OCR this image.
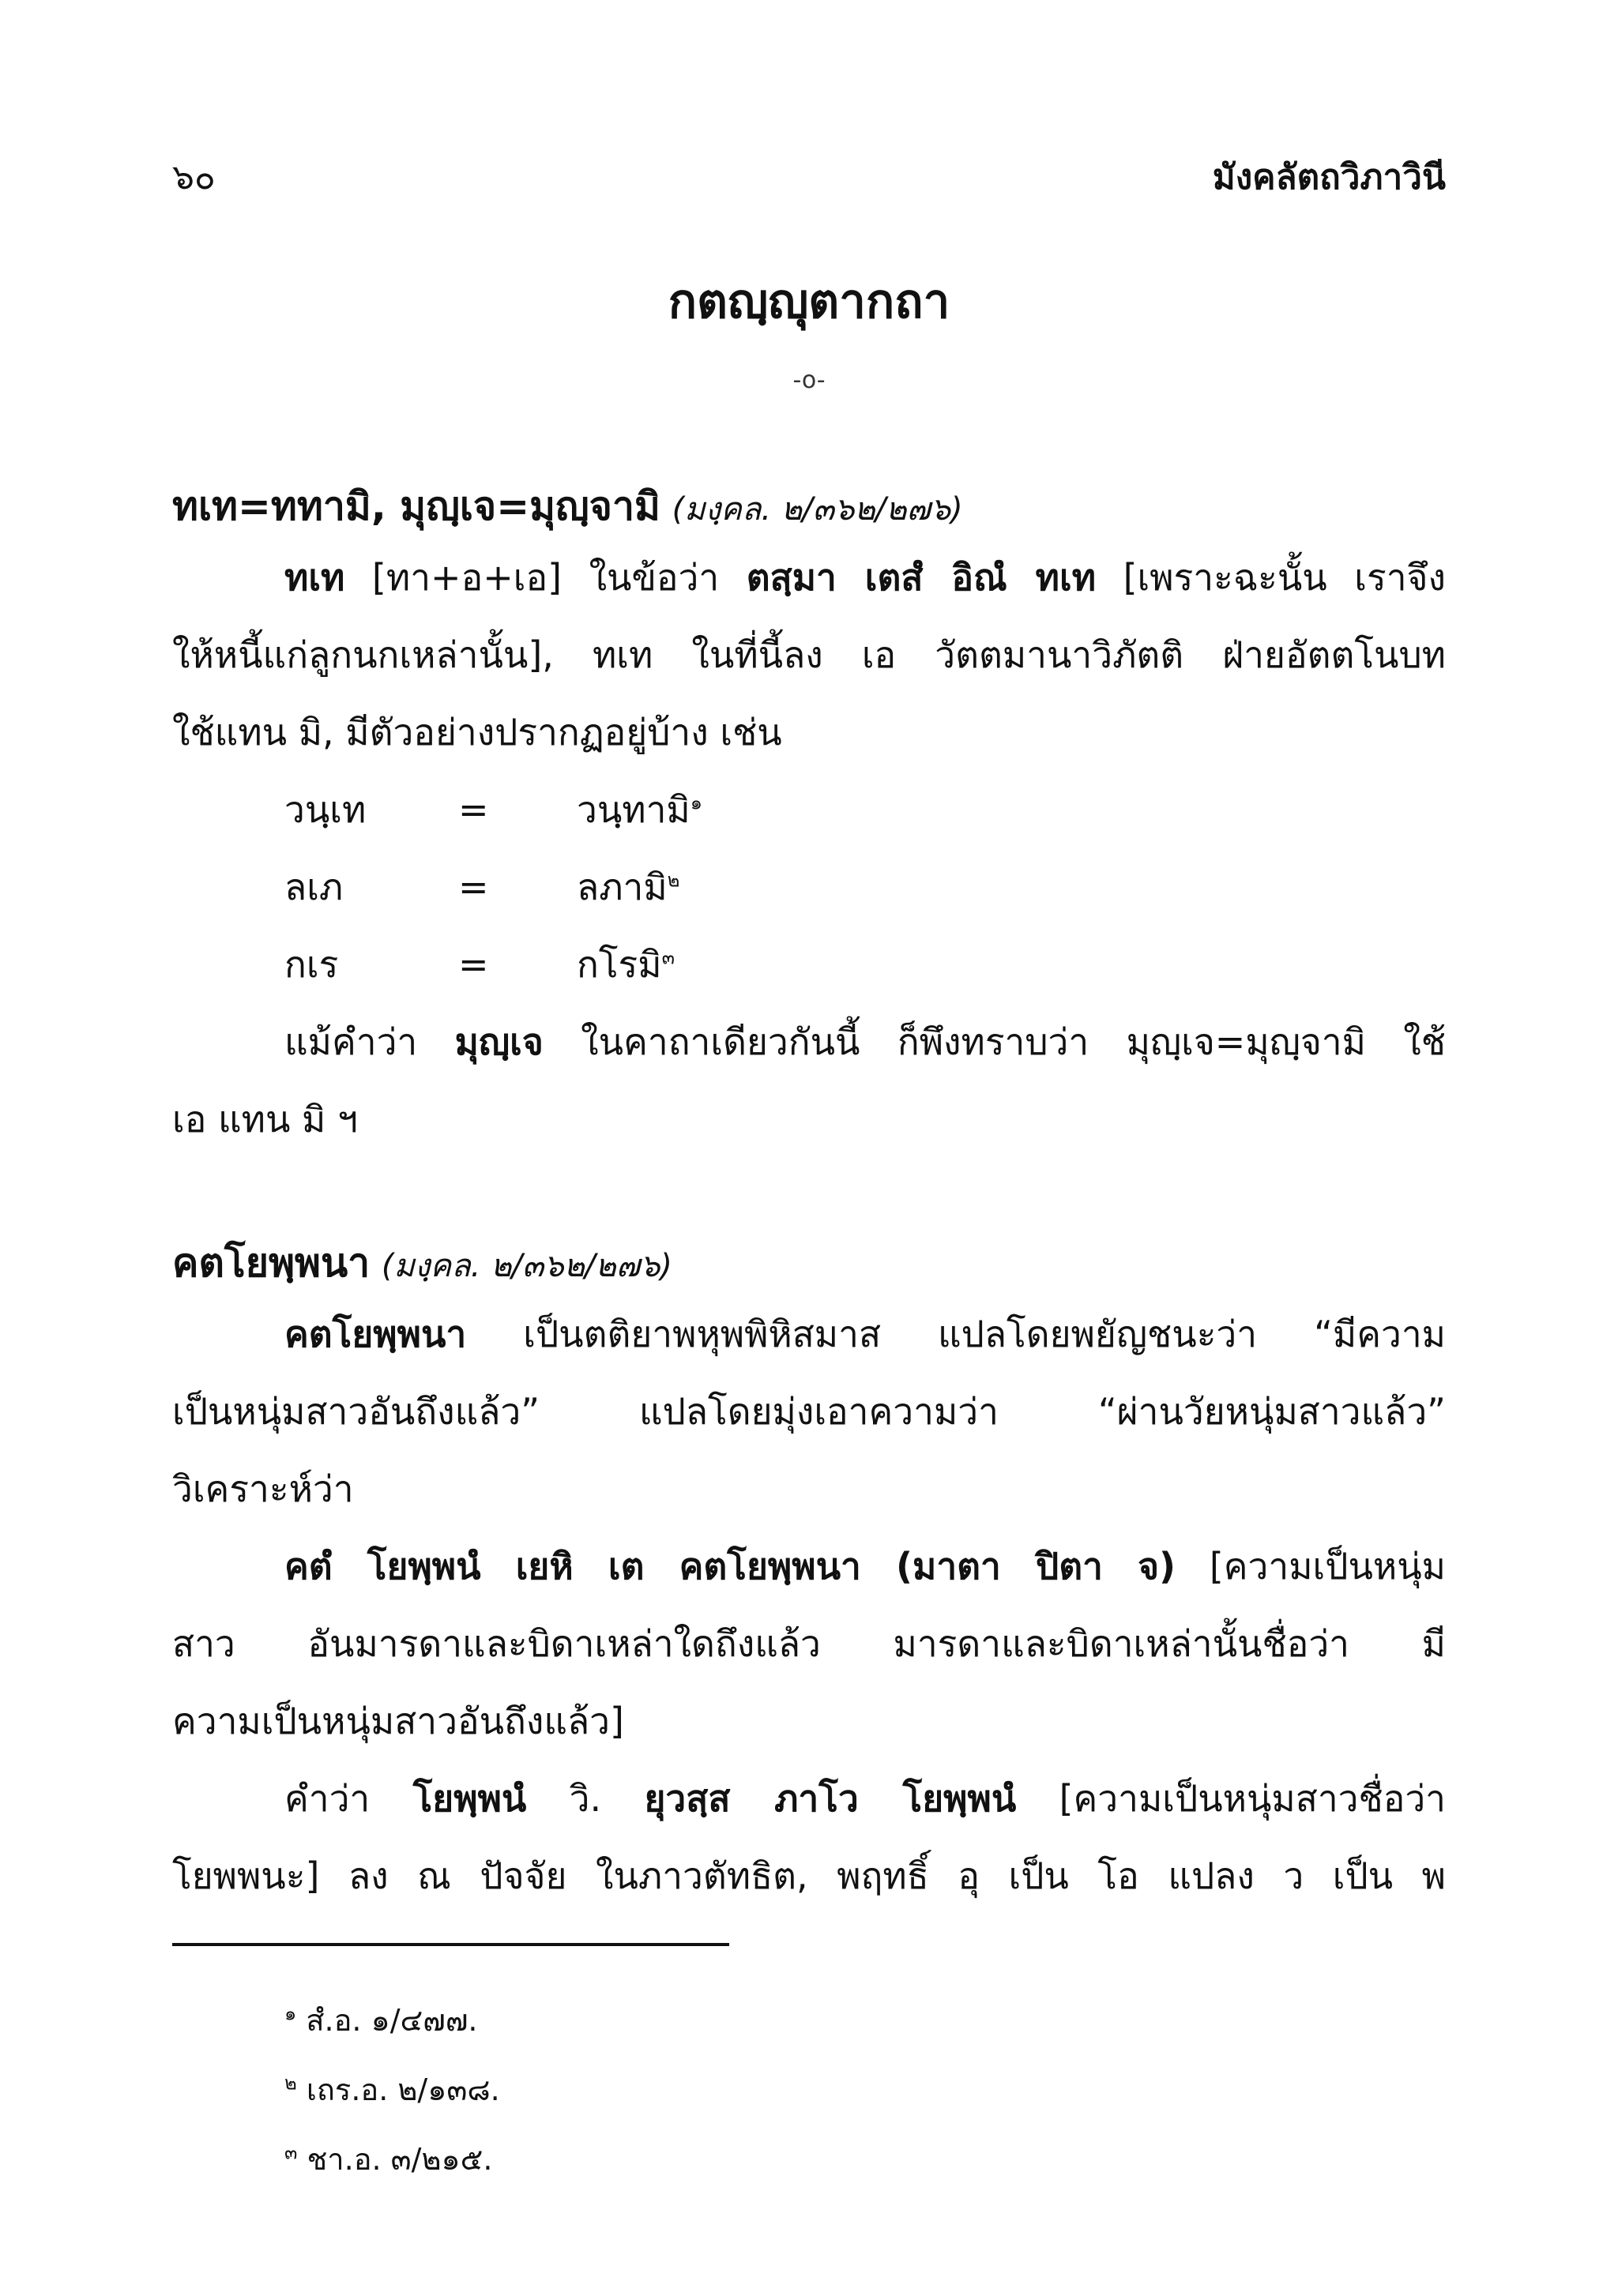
๖๐	มังคลัตถวิภาวินี
กตญฺญุตากถา
-o-
ทเท=ททามิ, มุญฺเจ=มุญฺจามิ (มงฺคล. ๒/๓๖๒/๒๗๖)
ทเท [ทา+อ+เอ] ในข้อว่า ตสฺมา เตสํ อิณํ ทเท [เพราะฉะนั้น เราจึง
ให้หนี้แก่ลูกนกเหล่านั้น], ทเท ในที่นี้ลง เอ วัตตมานาวิภัตติ ฝ่ายอัตตโนบท
ใช้แทน มิ, มีตัวอย่างปรากฏอยู่บ้าง เช่น
วนฺเท	= วนฺทามิ$^๑$
ลเภ	= ลภามิ$^๒$
กเร	= กโรมิ$^๓$
แม้คำว่า มุญฺเจ ในคาถาเดียวกันนี้ ก็พึงทราบว่า มุญฺเจ=มุญฺจามิ ใช้
เอ แทน มิ ฯ
คตโยพฺพนา (มงฺคล. ๒/๓๖๒/๒๗๖)
คตโยพฺพนา เป็นตติยาพหุพพิหิสมาส แปลโดยพยัญชนะว่า “มีความ
เป็นหนุ่มสาวอันถึงแล้ว” แปลโดยมุ่งเอาความว่า “ผ่านวัยหนุ่มสาวแล้ว”
วิเคราะห์ว่า
คตํ โยพฺพนํ เยหิ เต คตโยพฺพนา (มาตา ปิตา จ) [ความเป็นหนุ่ม
สาว อันมารดาและบิดาเหล่าใดถึงแล้ว มารดาและบิดาเหล่านั้นชื่อว่า มี
ความเป็นหนุ่มสาวอันถึงแล้ว]
คำว่า โยพฺพนํ วิ. ยุวสฺส ภาโว โยพฺพนํ [ความเป็นหนุ่มสาวชื่อว่า
โยพพนะ] ลง ณ ปัจจัย ในภาวตัทธิต, พฤทธิ์ อุ เป็น โอ แปลง ว เป็น พ
$^๑$ สํ.อ. ๑/๔๗๗.
$^๒$ เถร.อ. ๒/๑๓๘.
$^๓$ ชา.อ. ๓/๒๑๕.
